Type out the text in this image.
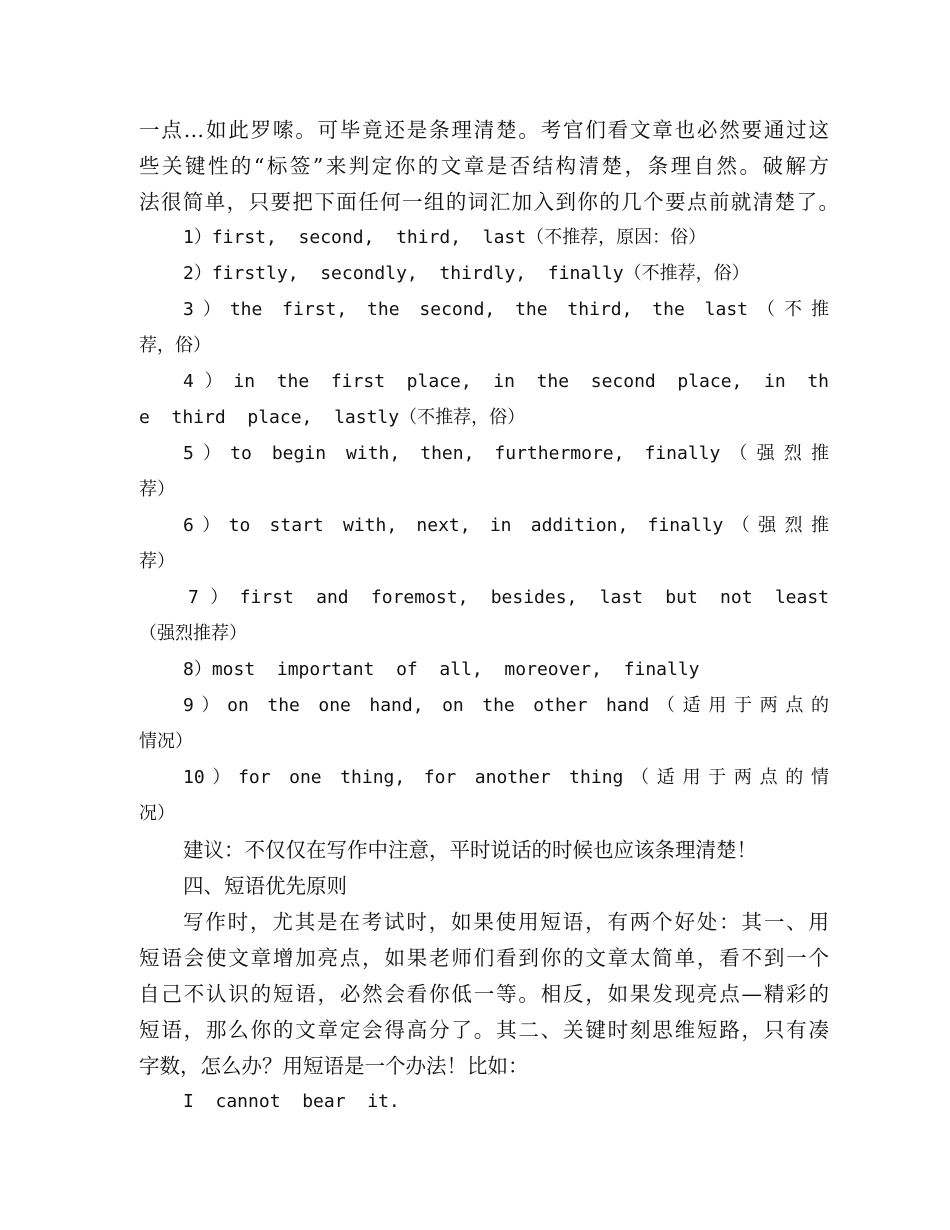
一点…如此罗嗦。可毕竟还是条理清楚。考官们看文章也必然要通过这
些关键性的“标签”来判定你的文章是否结构清楚，条理自然。破解方
法很简单，只要把下面任何一组的词汇加入到你的几个要点前就清楚了。
1）first,  second,  third,  last（不推荐，原因：俗）
2）firstly,  secondly,  thirdly,  finally（不推荐，俗）
3）the first, the second, the third, the last（不推
荐，俗）
4）in the first place, in the second place, in th
e  third  place,  lastly（不推荐，俗）
5）to begin with, then, furthermore, finally（强烈推
荐）
6）to start with, next, in addition, finally（强烈推
荐）
7）first and foremost, besides, last but not least
（强烈推荐）
8）most  important  of  all,  moreover,  finally
9）on the one hand, on the other hand（适用于两点的
情况）
10）for one thing, for another thing（适用于两点的情
况）
建议：不仅仅在写作中注意，平时说话的时候也应该条理清楚！
四、短语优先原则
写作时，尤其是在考试时，如果使用短语，有两个好处：其一、用
短语会使文章增加亮点，如果老师们看到你的文章太简单，看不到一个
自己不认识的短语，必然会看你低一等。相反，如果发现亮点—精彩的
短语，那么你的文章定会得高分了。其二、关键时刻思维短路，只有凑
字数，怎么办？用短语是一个办法！比如：
I  cannot  bear  it.
